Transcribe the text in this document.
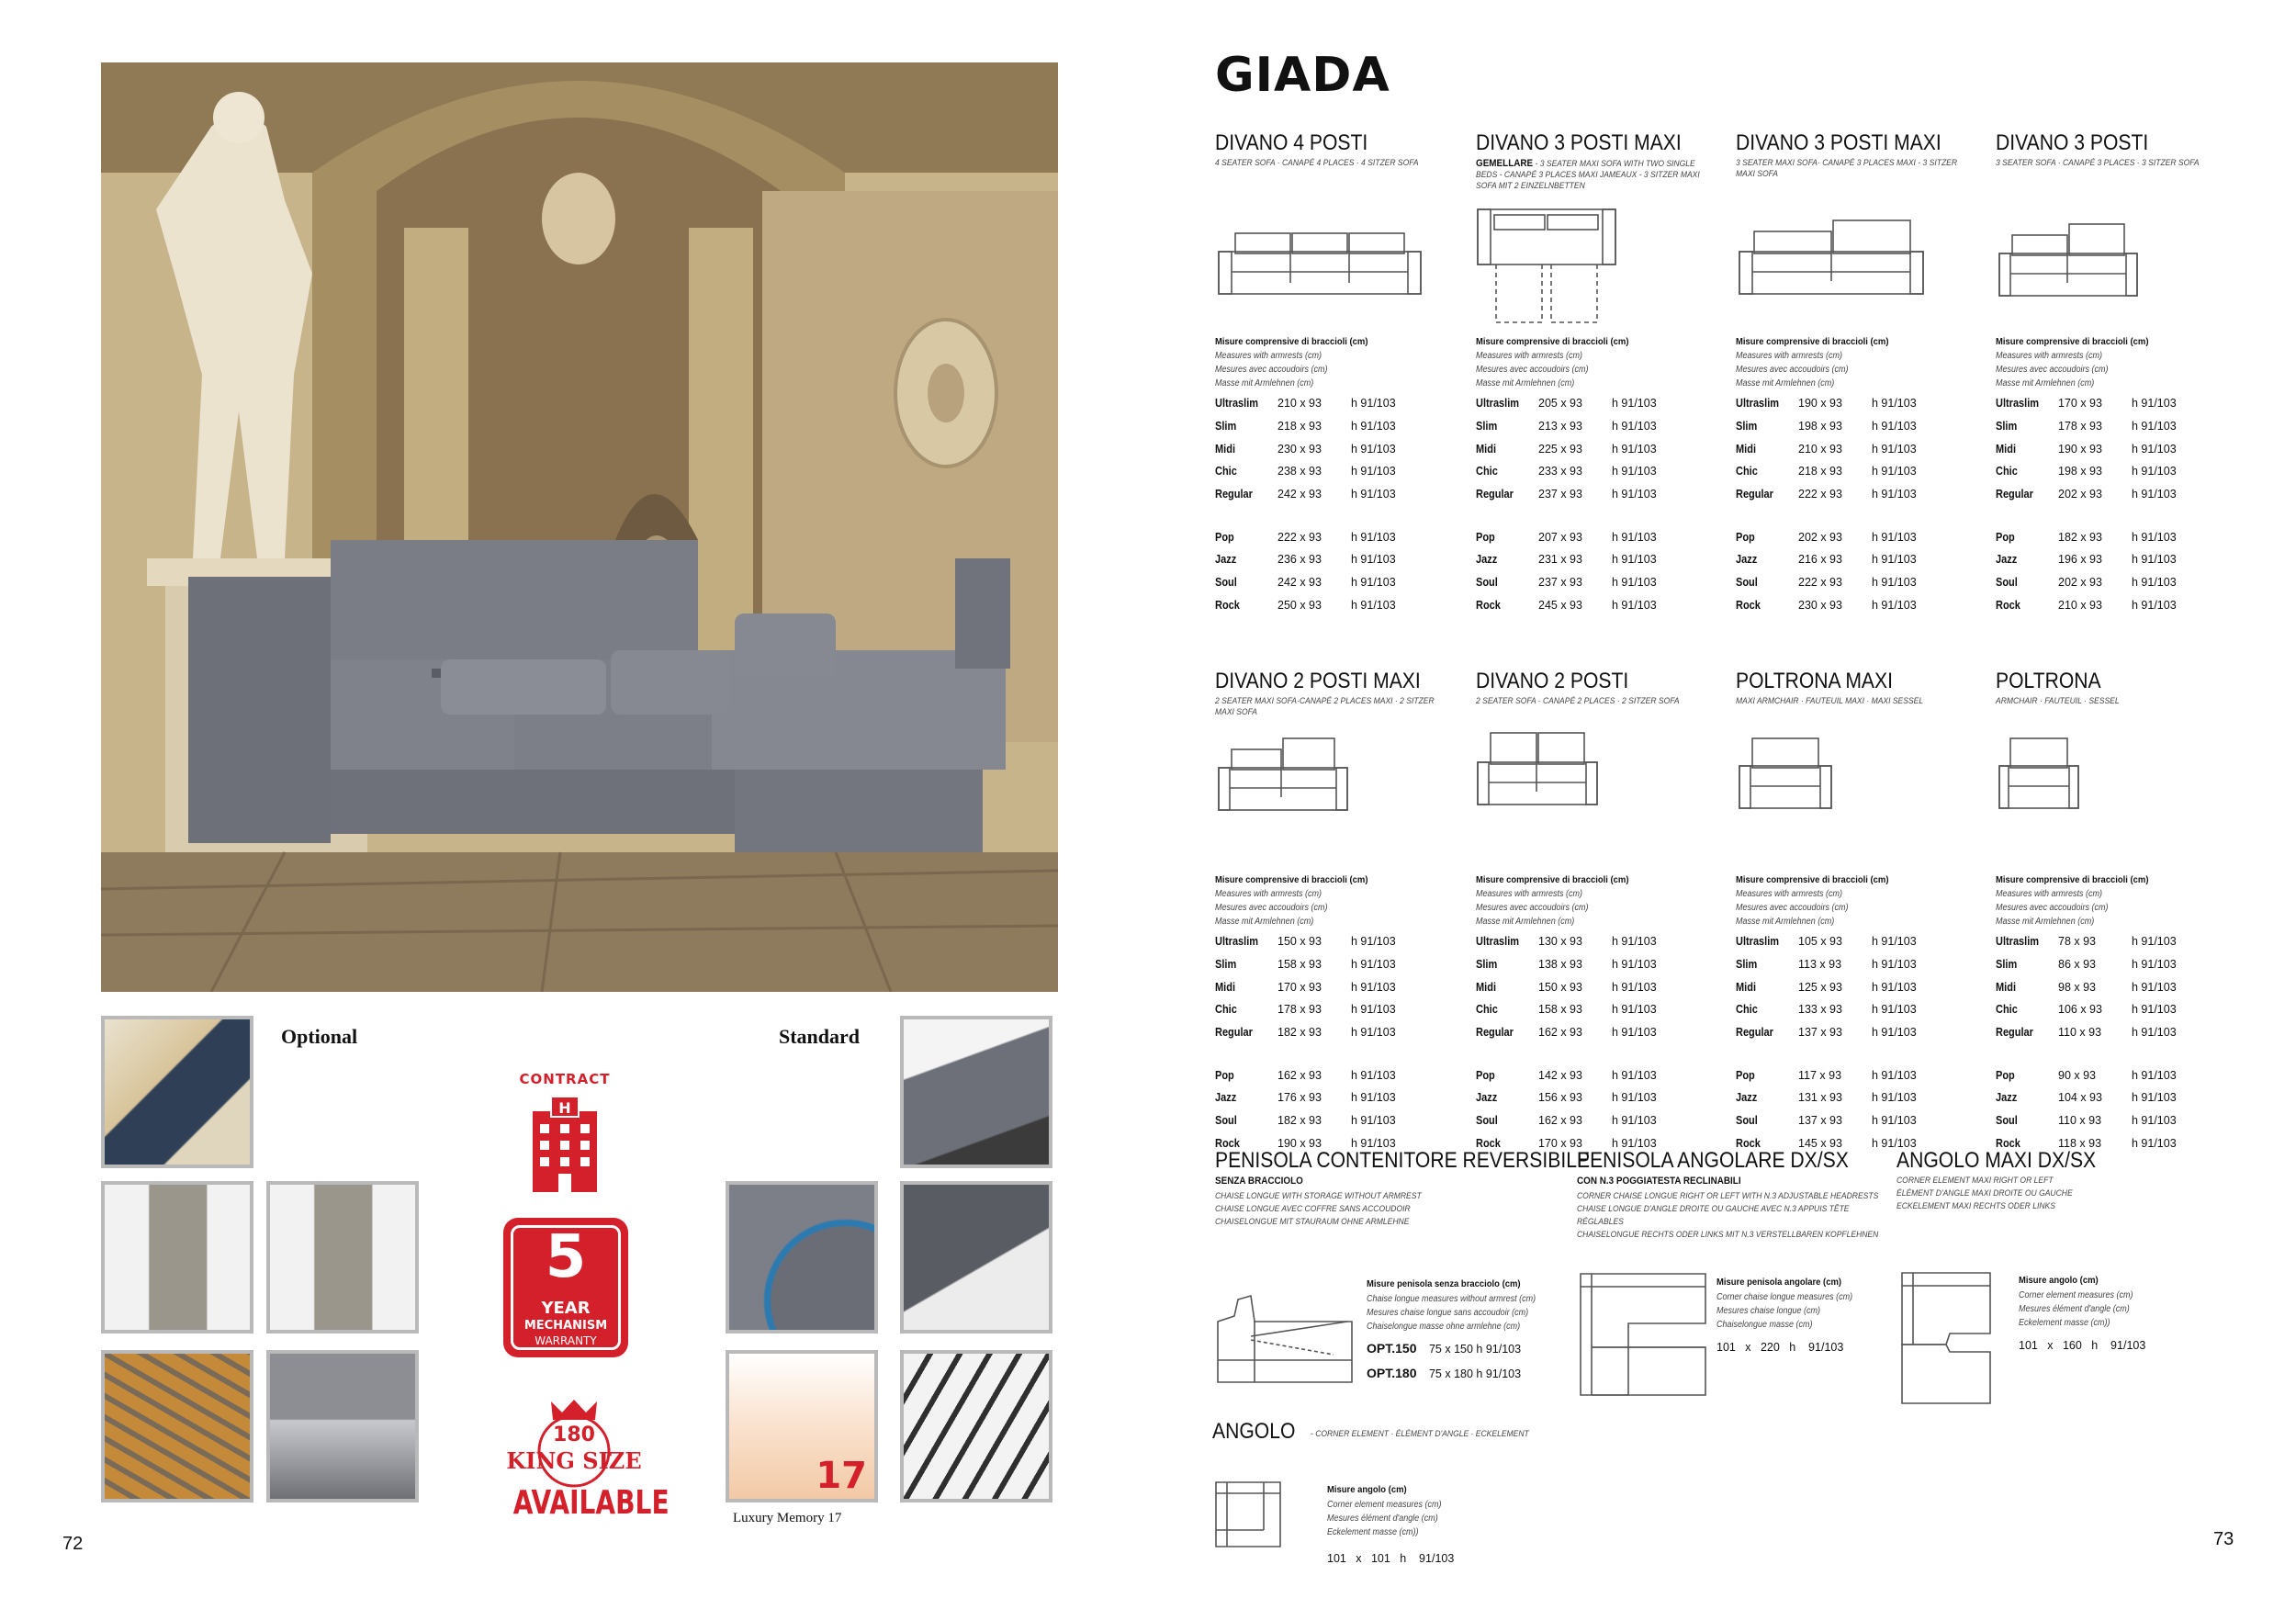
Optional	Standard
CONTRACT
H
5
YEAR
MECHANISM
WARRANTY
180
KING SIZE
AVAILABLE
17
Luxury Memory 17
72
GIADA
73
DIVANO 4 POSTI
4 SEATER SOFA · CANAPÉ 4 PLACES · 4 SITZER SOFA
Misure comprensive di braccioli (cm)
Measures with armrests (cm)
Mesures avec accoudoirs (cm)
Masse mit Armlehnen (cm)
Ultraslim 210 x 93	h 91/103
Slim	218 x 93	h 91/103
Midi	230 x 93	h 91/103
Chic	238 x 93	h 91/103
Regular 242 x 93	h 91/103
Pop	222 x 93	h 91/103
Jazz	236 x 93	h 91/103
Soul	242 x 93	h 91/103
Rock	250 x 93	h 91/103
DIVANO 3 POSTI MAXI
GEMELLARE - 3 SEATER MAXI SOFA WITH TWO SINGLE BEDS - CANAPÉ 3 PLACES MAXI JAMEAUX - 3 SITZER MAXI SOFA MIT 2 EINZELNBETTEN
Misure comprensive di braccioli (cm)
Measures with armrests (cm)
Mesures avec accoudoirs (cm)
Masse mit Armlehnen (cm)
Ultraslim 205 x 93	h 91/103
Slim	213 x 93	h 91/103
Midi	225 x 93	h 91/103
Chic	233 x 93	h 91/103
Regular 237 x 93	h 91/103
Pop	207 x 93	h 91/103
Jazz	231 x 93	h 91/103
Soul	237 x 93	h 91/103
Rock	245 x 93	h 91/103
DIVANO 3 POSTI MAXI
3 SEATER MAXI SOFA· CANAPÉ 3 PLACES MAXI - 3 SITZER MAXI SOFA
Misure comprensive di braccioli (cm)
Measures with armrests (cm)
Mesures avec accoudoirs (cm)
Masse mit Armlehnen (cm)
Ultraslim 190 x 93	h 91/103
Slim	198 x 93	h 91/103
Midi	210 x 93	h 91/103
Chic	218 x 93	h 91/103
Regular 222 x 93	h 91/103
Pop	202 x 93	h 91/103
Jazz	216 x 93	h 91/103
Soul	222 x 93	h 91/103
Rock	230 x 93	h 91/103
DIVANO 3 POSTI
3 SEATER SOFA · CANAPÉ 3 PLACES · 3 SITZER SOFA
Misure comprensive di braccioli (cm)
Measures with armrests (cm)
Mesures avec accoudoirs (cm)
Masse mit Armlehnen (cm)
Ultraslim 170 x 93	h 91/103
Slim	178 x 93	h 91/103
Midi	190 x 93	h 91/103
Chic	198 x 93	h 91/103
Regular 202 x 93	h 91/103
Pop	182 x 93	h 91/103
Jazz	196 x 93	h 91/103
Soul	202 x 93	h 91/103
Rock	210 x 93	h 91/103
DIVANO 2 POSTI MAXI
2 SEATER MAXI SOFA·CANAPÉ 2 PLACES MAXI · 2 SITZER MAXI SOFA
Misure comprensive di braccioli (cm)
Measures with armrests (cm)
Mesures avec accoudoirs (cm)
Masse mit Armlehnen (cm)
Ultraslim 150 x 93	h 91/103
Slim	158 x 93	h 91/103
Midi	170 x 93	h 91/103
Chic	178 x 93	h 91/103
Regular 182 x 93	h 91/103
Pop	162 x 93	h 91/103
Jazz	176 x 93	h 91/103
Soul	182 x 93	h 91/103
Rock	190 x 93	h 91/103
DIVANO 2 POSTI
2 SEATER SOFA · CANAPÉ 2 PLACES · 2 SITZER SOFA
Misure comprensive di braccioli (cm)
Measures with armrests (cm)
Mesures avec accoudoirs (cm)
Masse mit Armlehnen (cm)
Ultraslim 130 x 93	h 91/103
Slim	138 x 93	h 91/103
Midi	150 x 93	h 91/103
Chic	158 x 93	h 91/103
Regular 162 x 93	h 91/103
Pop	142 x 93	h 91/103
Jazz	156 x 93	h 91/103
Soul	162 x 93	h 91/103
Rock	170 x 93	h 91/103
POLTRONA MAXI
MAXI ARMCHAIR · FAUTEUIL MAXI · MAXI SESSEL
Misure comprensive di braccioli (cm)
Measures with armrests (cm)
Mesures avec accoudoirs (cm)
Masse mit Armlehnen (cm)
Ultraslim 105 x 93	h 91/103
Slim	113 x 93	h 91/103
Midi	125 x 93	h 91/103
Chic	133 x 93	h 91/103
Regular 137 x 93	h 91/103
Pop	117 x 93	h 91/103
Jazz	131 x 93	h 91/103
Soul	137 x 93	h 91/103
Rock	145 x 93	h 91/103
POLTRONA
ARMCHAIR · FAUTEUIL · SESSEL
Misure comprensive di braccioli (cm)
Measures with armrests (cm)
Mesures avec accoudoirs (cm)
Masse mit Armlehnen (cm)
Ultraslim 78 x 93	h 91/103
Slim	86 x 93	h 91/103
Midi	98 x 93	h 91/103
Chic	106 x 93	h 91/103
Regular 110 x 93	h 91/103
Pop	90 x 93	h 91/103
Jazz	104 x 93	h 91/103
Soul	110 x 93	h 91/103
Rock	118 x 93	h 91/103
PENISOLA CONTENITORE REVERSIBILE
SENZA BRACCIOLO
CHAISE LONGUE WITH STORAGE WITHOUT ARMREST
CHAISE LONGUE AVEC COFFRE SANS ACCOUDOIR
CHAISELONGUE MIT STAURAUM OHNE ARMLEHNE
Misure penisola senza bracciolo (cm)
Chaise longue measures without armrest (cm)
Mesures chaise longue sans accoudoir (cm)
Chaiselongue masse ohne armlehne (cm)
OPT.150 75 x 150 h 91/103
OPT.180 75 x 180 h 91/103
PENISOLA ANGOLARE DX/SX
CON N.3 POGGIATESTA RECLINABILI
CORNER CHAISE LONGUE RIGHT OR LEFT WITH N.3 ADJUSTABLE HEADRESTS
CHAISE LONGUE D'ANGLE DROITE OU GAUCHE AVEC N.3 APPUIS TÊTE
RÉGLABLES
CHAISELONGUE RECHTS ODER LINKS MIT N.3 VERSTELLBAREN KOPFLEHNEN
Misure penisola angolare (cm)
Corner chaise longue measures (cm)
Mesures chaise longue (cm)
Chaiselongue masse (cm)
101   x   220   h    91/103
ANGOLO MAXI DX/SX
CORNER ELEMENT MAXI RIGHT OR LEFT
ÉLÉMENT D'ANGLE MAXI DROITE OU GAUCHE
ECKELEMENT MAXI RECHTS ODER LINKS
Misure angolo (cm)
Corner element measures (cm)
Mesures élément d'angle (cm)
Eckelement masse (cm))
101   x   160   h    91/103
ANGOLO - CORNER ELEMENT · ÉLÉMENT D'ANGLE · ECKELEMENT
Misure angolo (cm)
Corner element measures (cm)
Mesures élément d'angle (cm)
Eckelement masse (cm))
101   x   101   h    91/103
